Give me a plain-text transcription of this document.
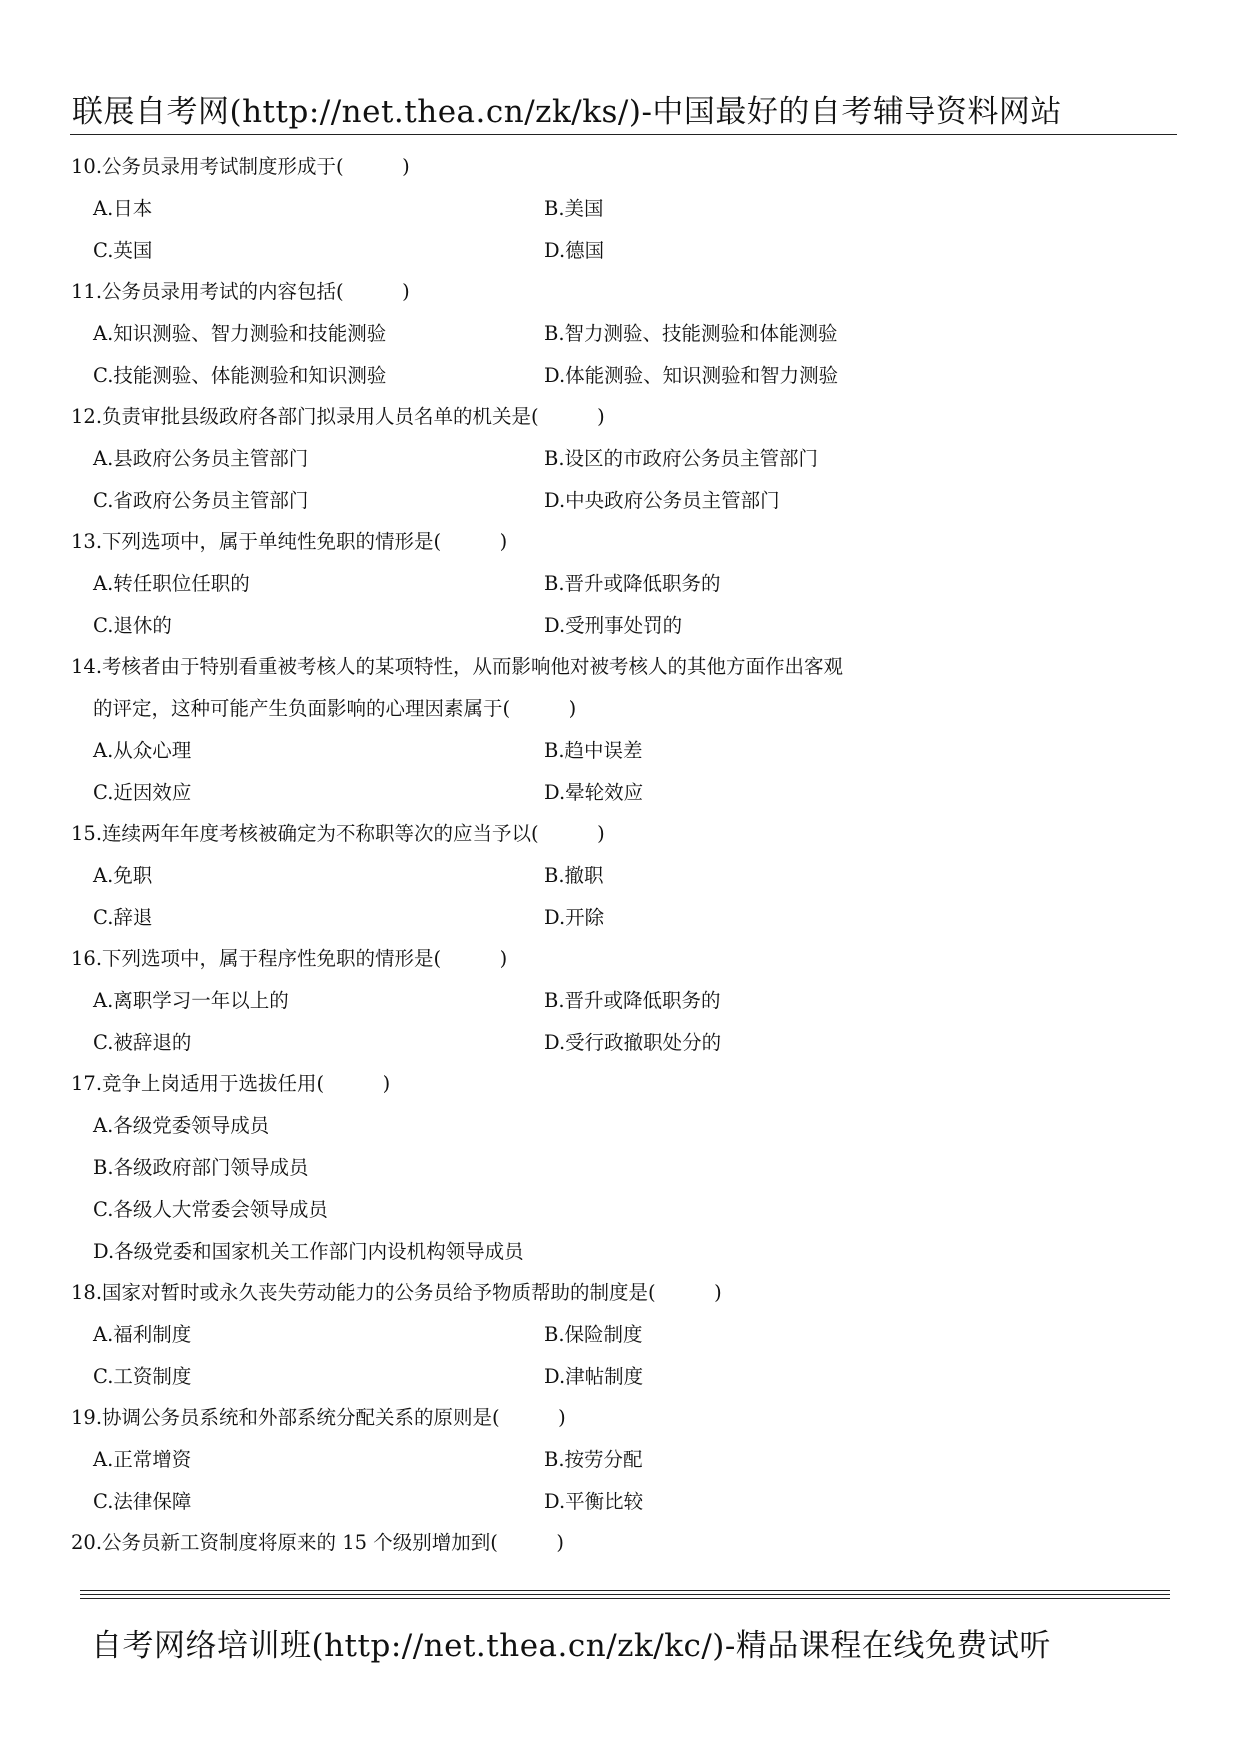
联展自考网(http://net.thea.cn/zk/ks/)-中国最好的自考辅导资料网站
10.公务员录用考试制度形成于(　　　)
A.日本	B.美国
C.英国	D.德国
11.公务员录用考试的内容包括(　　　)
A.知识测验、智力测验和技能测验	B.智力测验、技能测验和体能测验
C.技能测验、体能测验和知识测验	D.体能测验、知识测验和智力测验
12.负责审批县级政府各部门拟录用人员名单的机关是(　　　)
A.县政府公务员主管部门	B.设区的市政府公务员主管部门
C.省政府公务员主管部门	D.中央政府公务员主管部门
13.下列选项中，属于单纯性免职的情形是(　　　)
A.转任职位任职的	B.晋升或降低职务的
C.退休的	D.受刑事处罚的
14.考核者由于特别看重被考核人的某项特性，从而影响他对被考核人的其他方面作出客观
的评定，这种可能产生负面影响的心理因素属于(　　　)
A.从众心理	B.趋中误差
C.近因效应	D.晕轮效应
15.连续两年年度考核被确定为不称职等次的应当予以(　　　)
A.免职	B.撤职
C.辞退	D.开除
16.下列选项中，属于程序性免职的情形是(　　　)
A.离职学习一年以上的	B.晋升或降低职务的
C.被辞退的	D.受行政撤职处分的
17.竞争上岗适用于选拔任用(　　　)
A.各级党委领导成员
B.各级政府部门领导成员
C.各级人大常委会领导成员
D.各级党委和国家机关工作部门内设机构领导成员
18.国家对暂时或永久丧失劳动能力的公务员给予物质帮助的制度是(　　　)
A.福利制度	B.保险制度
C.工资制度	D.津帖制度
19.协调公务员系统和外部系统分配关系的原则是(　　　)
A.正常增资	B.按劳分配
C.法律保障	D.平衡比较
20.公务员新工资制度将原来的 15 个级别增加到(　　　)
自考网络培训班(http://net.thea.cn/zk/kc/)-精品课程在线免费试听
